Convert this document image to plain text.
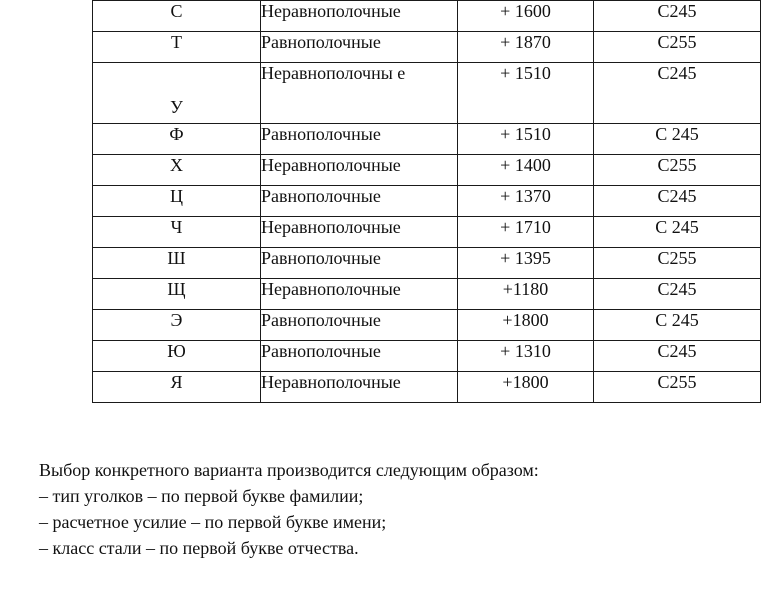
С	Неравнополочные	+ 1600	С245
Т	Равнополочные	+ 1870	С255
У	Неравнополочны е	+ 1510	С245
Ф	Равнополочные	+ 1510	С 245
Х	Неравнополочные	+ 1400	С255
Ц	Равнополочные	+ 1370	С245
Ч	Неравнополочные	+ 1710	С 245
Ш	Равнополочные	+ 1395	С255
Щ	Неравнополочные	+1180	С245
Э	Равнополочные	+1800	С 245
Ю	Равнополочные	+ 1310	С245
Я	Неравнополочные	+1800	С255

Выбор конкретного варианта производится следующим образом:

– тип уголков – по первой букве фамилии;

– расчетное усилие – по первой букве имени;

– класс стали – по первой букве отчества.
